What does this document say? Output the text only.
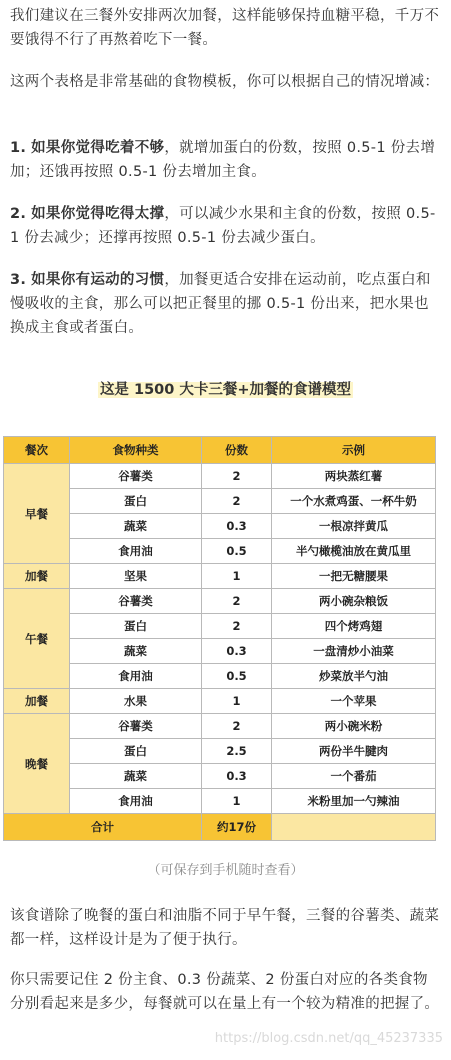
我们建议在三餐外安排两次加餐，这样能够保持血糖平稳，千万不要饿得不行了再熬着吃下一餐。

这两个表格是非常基础的食物模板，你可以根据自己的情况增减：

1. 如果你觉得吃着不够，就增加蛋白的份数，按照 0.5-1 份去增加；还饿再按照 0.5-1 份去增加主食。

2. 如果你觉得吃得太撑，可以减少水果和主食的份数，按照 0.5-1 份去减少；还撑再按照 0.5-1 份去减少蛋白。

3. 如果你有运动的习惯，加餐更适合安排在运动前，吃点蛋白和慢吸收的主食，那么可以把正餐里的挪 0.5-1 份出来，把水果也换成主食或者蛋白。

这是 1500 大卡三餐+加餐的食谱模型
餐次	食物种类	份数	示例
早餐	谷薯类	2	两块蒸红薯
	蛋白	2	一个水煮鸡蛋、一杯牛奶
	蔬菜	0.3	一根凉拌黄瓜
	食用油	0.5	半勺橄榄油放在黄瓜里
加餐	坚果	1	一把无糖腰果
午餐	谷薯类	2	两小碗杂粮饭
	蛋白	2	四个烤鸡翅
	蔬菜	0.3	一盘清炒小油菜
	食用油	0.5	炒菜放半勺油
加餐	水果	1	一个苹果
晚餐	谷薯类	2	两小碗米粉
	蛋白	2.5	两份半牛腱肉
	蔬菜	0.3	一个番茄
	食用油	1	米粉里加一勺辣油
合计		约17份	
（可保存到手机随时查看）

该食谱除了晚餐的蛋白和油脂不同于早午餐，三餐的谷薯类、蔬菜都一样，这样设计是为了便于执行。

你只需要记住 2 份主食、0.3 份蔬菜、2 份蛋白对应的各类食物分别看起来是多少，每餐就可以在量上有一个较为精准的把握了。

https://blog.csdn.net/qq_45237335
